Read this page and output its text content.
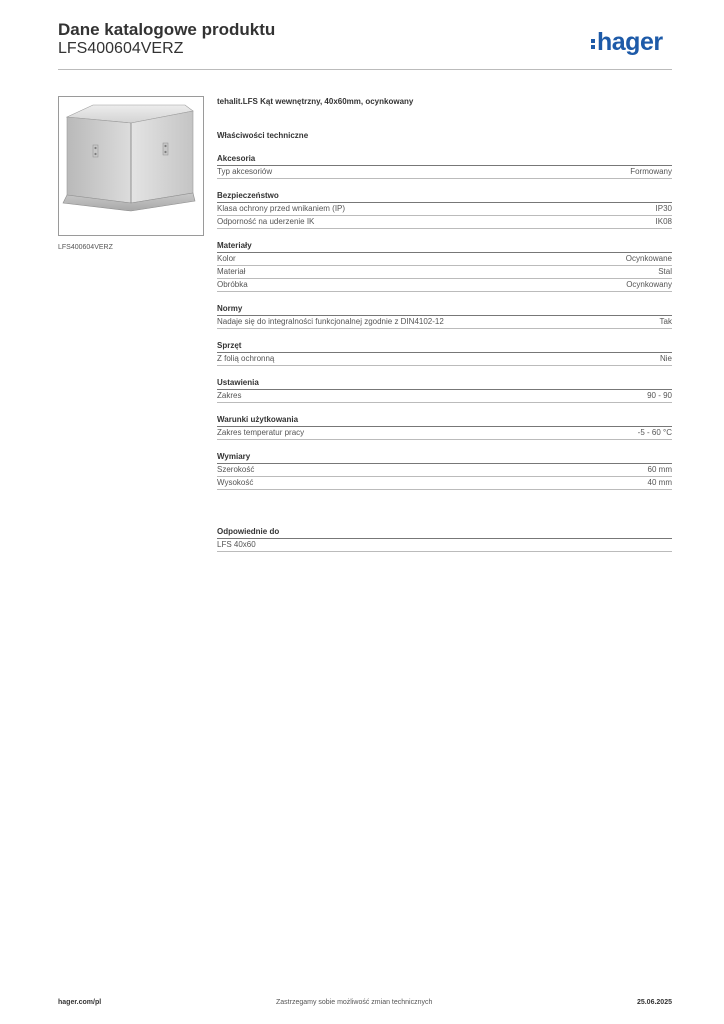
Dane katalogowe produktu
LFS400604VERZ	hager
LFS400604VERZ
tehalit.LFS Kąt wewnętrzny, 40x60mm, ocynkowany
Właściwości techniczne
Akcesoria
Typ akcesoriów	Formowany
Bezpieczeństwo
Klasa ochrony przed wnikaniem (IP)	IP30
Odporność na uderzenie IK	IK08
Materiały
Kolor	Ocynkowane
Materiał	Stal
Obróbka	Ocynkowany
Normy
Nadaje się do integralności funkcjonalnej zgodnie z DIN4102-12	Tak
Sprzęt
Z folią ochronną	Nie
Ustawienia
Zakres	90 - 90
Warunki użytkowania
Zakres temperatur pracy	-5 - 60 °C
Wymiary
Szerokość	60 mm
Wysokość	40 mm
Odpowiednie do
LFS 40x60
hager.com/pl	Zastrzegamy sobie możliwość zmian technicznych	25.06.2025
